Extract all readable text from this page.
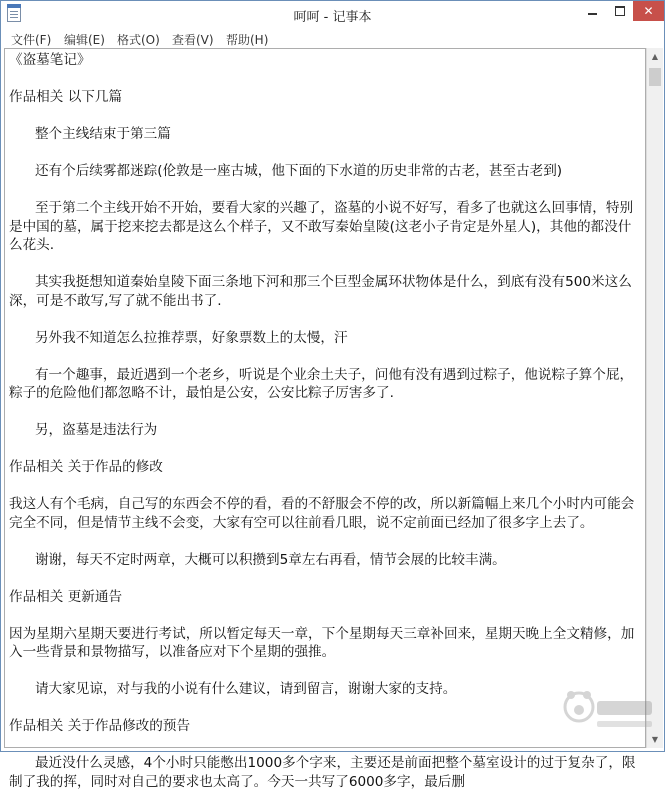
呵呵 - 记事本	✕
文件(F) 编辑(E) 格式(O) 查看(V) 帮助(H)
《盗墓笔记》

作品相关 以下几篇

整个主线结束于第三篇

还有个后续雾都迷踪(伦敦是一座古城，他下面的下水道的历史非常的古老，甚至古老到)

至于第二个主线开始不开始，要看大家的兴趣了，盗墓的小说不好写，看多了也就这么回事情，特别是中国的墓，属于挖来挖去都是这么个样子，又不敢写秦始皇陵(这老小子肯定是外星人)，其他的都没什么花头.

其实我挺想知道秦始皇陵下面三条地下河和那三个巨型金属环状物体是什么，到底有没有500米这么深，可是不敢写,写了就不能出书了.

另外我不知道怎么拉推荐票，好象票数上的太慢，汗

有一个趣事，最近遇到一个老乡，听说是个业余土夫子，问他有没有遇到过粽子，他说粽子算个屁，粽子的危险他们都忽略不计，最怕是公安，公安比粽子厉害多了.

另，盗墓是违法行为

作品相关 关于作品的修改

我这人有个毛病，自己写的东西会不停的看，看的不舒服会不停的改，所以新篇幅上来几个小时内可能会完全不同，但是情节主线不会变，大家有空可以往前看几眼，说不定前面已经加了很多字上去了。

谢谢，每天不定时两章，大概可以积攒到5章左右再看，情节会展的比较丰满。

作品相关 更新通告

因为星期六星期天要进行考试，所以暂定每天一章，下个星期每天三章补回来，星期天晚上全文精修，加入一些背景和景物描写，以准备应对下个星期的强推。

请大家见谅，对与我的小说有什么建议，请到留言，谢谢大家的支持。

作品相关 关于作品修改的预告

最近没什么灵感，4个小时只能憋出1000多个字来，主要还是前面把整个墓室设计的过于复杂了，限制了我的挥，同时对自己的要求也太高了。今天一共写了6000多字，最后删
▲
▼
